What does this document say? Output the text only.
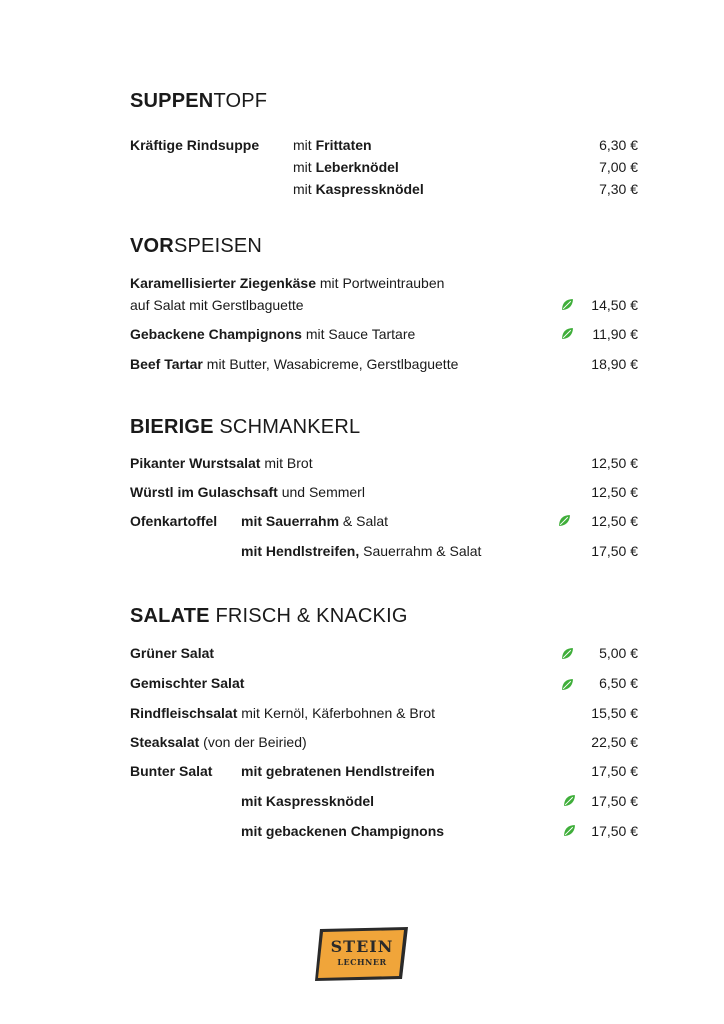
SUPPENTOPF
Kräftige Rindsuppe mit Frittaten	6,30 €
mit Leberknödel	7,00 €
mit Kaspressknödel	7,30 €
VORSPEISEN
Karamellisierter Ziegenkäse mit Portweintrauben
auf Salat mit Gerstlbaguette	14,50 €
Gebackene Champignons mit Sauce Tartare	11,90 €
Beef Tartar mit Butter, Wasabicreme, Gerstlbaguette	18,90 €
BIERIGE SCHMANKERL
Pikanter Wurstsalat mit Brot	12,50 €
Würstl im Gulaschsaft und Semmerl	12,50 €
Ofenkartoffel mit Sauerrahm & Salat	12,50 €
mit Hendlstreifen, Sauerrahm & Salat	17,50 €
SALATE FRISCH & KNACKIG
Grüner Salat	5,00 €
Gemischter Salat	6,50 €
Rindfleischsalat mit Kernöl, Käferbohnen & Brot	15,50 €
Steaksalat (von der Beiried)	22,50 €
Bunter Salat mit gebratenen Hendlstreifen	17,50 €
mit Kaspressknödel	17,50 €
mit gebackenen Champignons	17,50 €
STEIN
LECHNER
